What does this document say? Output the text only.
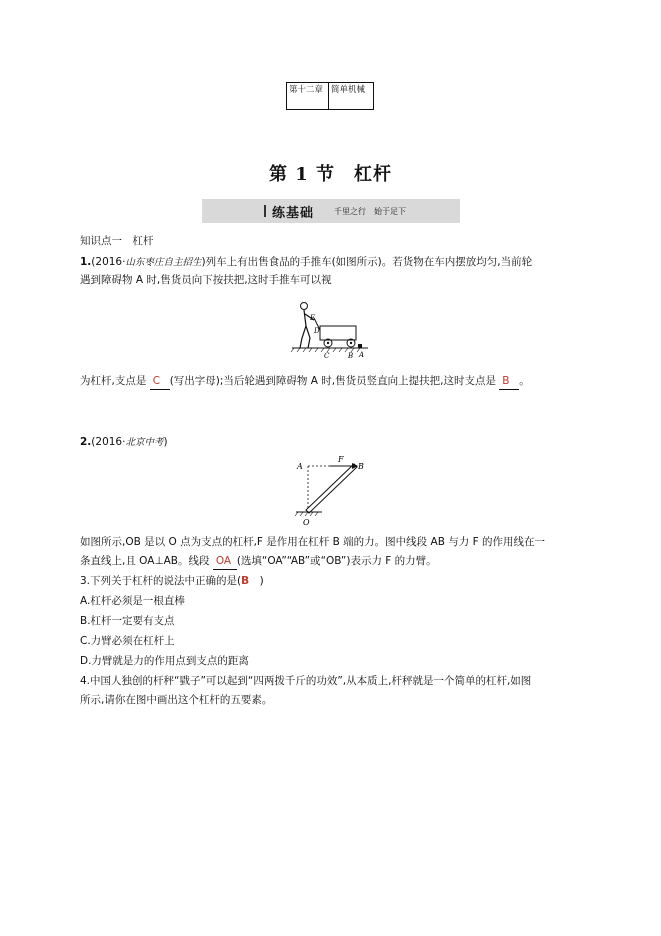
第十二章 简单机械
第 1 节　杠杆
练基础 千里之行　始于足下
知识点一　杠杆
1.(2016·山东枣庄自主招生)列车上有出售食品的手推车(如图所示)。若货物在车内摆放均匀,当前轮
遇到障碍物 A 时,售货员向下按扶把,这时手推车可以视
E
D
C	B A
为杠杆,支点是 C (写出字母);当后轮遇到障碍物 A 时,售货员竖直向上提扶把,这时支点是 B 。
2.(2016·北京中考)
A	B
F
O
如图所示,OB 是以 O 点为支点的杠杆,F 是作用在杠杆 B 端的力。图中线段 AB 与力 F 的作用线在一
条直线上,且 OA⊥AB。线段 OA (选填“OA”“AB”或“OB”)表示力 F 的力臂。
3.下列关于杠杆的说法中正确的是(B　)
A.杠杆必须是一根直棒
B.杠杆一定要有支点
C.力臂必须在杠杆上
D.力臂就是力的作用点到支点的距离
4.中国人独创的杆秤“戥子”可以起到“四两拨千斤的功效”,从本质上,杆秤就是一个简单的杠杆,如图
所示,请你在图中画出这个杠杆的五要素。
